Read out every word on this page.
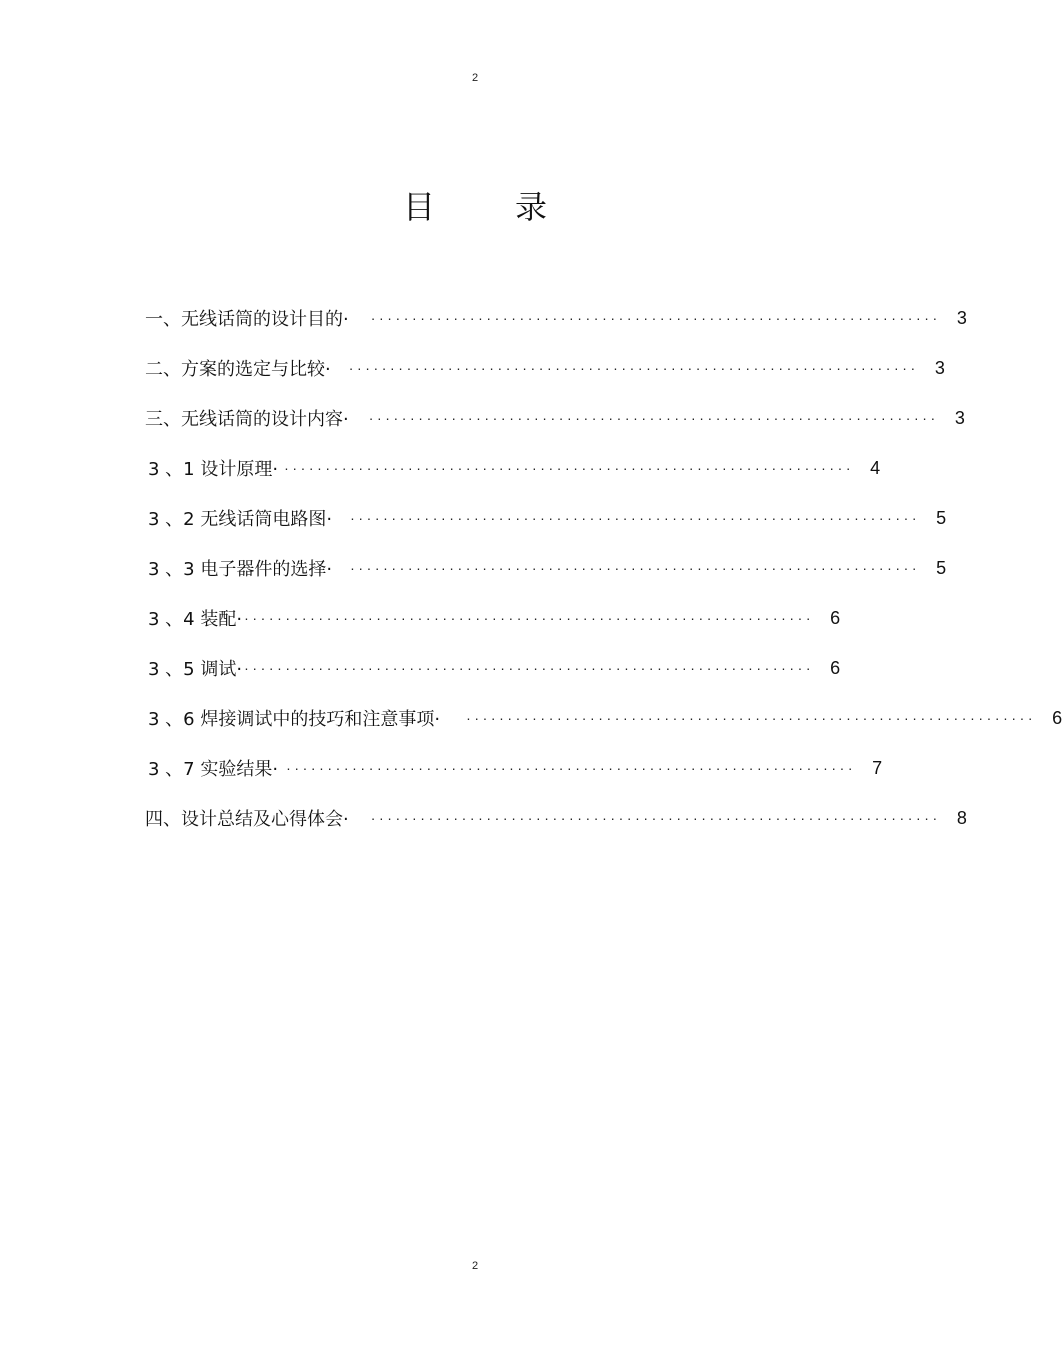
2
目	录
一、无线话筒的设计目的·	····································································· 3
二、方案的选定与比较·	····································································· 3
三、无线话筒的设计内容·	····································································· 3
3 、1 设计原理· ····································································· 4
3 、2 无线话筒电路图·	····································································· 5
3 、3 电子器件的选择·	····································································· 5
3 、4 装配· ····································································· 6
3 、5 调试· ····································································· 6
3 、6 焊接调试中的技巧和注意事项·	····································································· 6
3 、7 实验结果· ····································································· 7
四、设计总结及心得体会·	····································································· 8
2
